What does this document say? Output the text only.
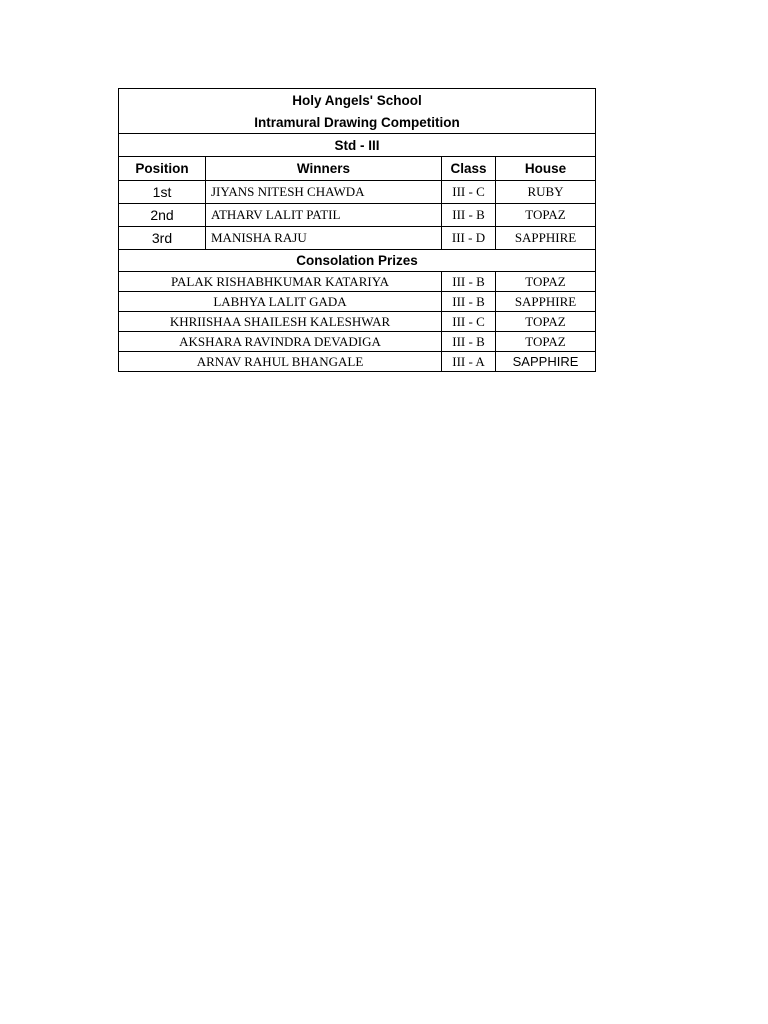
Holy Angels' School			
Intramural Drawing Competition			
Std - III			
Position	Winners	Class	House
1st	JIYANS NITESH CHAWDA	III - C	RUBY
2nd	ATHARV LALIT PATIL	III - B	TOPAZ
3rd	MANISHA RAJU	III - D	SAPPHIRE
Consolation Prizes			
PALAK RISHABHKUMAR KATARIYA		III - B	TOPAZ
LABHYA LALIT GADA		III - B	SAPPHIRE
KHRIISHAA SHAILESH KALESHWAR		III - C	TOPAZ
AKSHARA RAVINDRA DEVADIGA		III - B	TOPAZ
ARNAV RAHUL BHANGALE		III - A	SAPPHIRE
